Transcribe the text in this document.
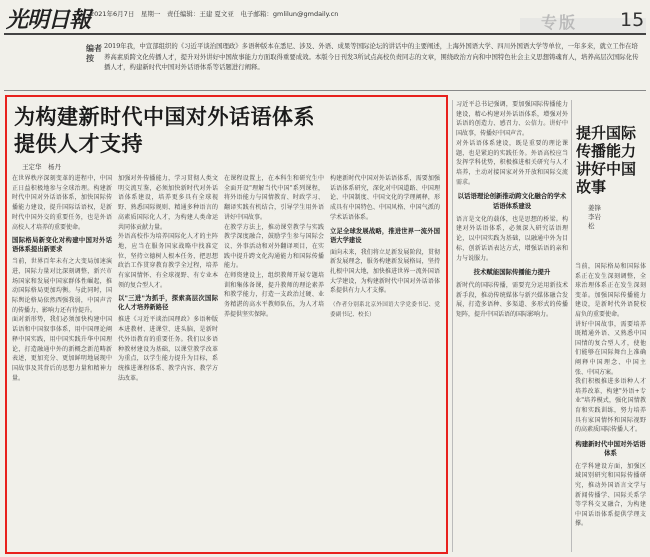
光明日報 2021年6月7日　星期一　责任编辑：王建 夏文亚　电子邮箱：gmlilun@gmdaily.cn	专版 15
编者按
2019年我，中宣部组织的《习近平谈治国理政》多语种版本在悉尼、涉及、外语、成果等国际论坛的讲话中的主要阐述，上海外国语大学、四川外国语大学等单位，一年多来，就立工作在培养高素质跨文化传播人才，提升对外讲好中国故事能力方面取得重要成效。本版今日刊发3所试点高校负责同志的文章，围绕政治方向和中国特色社会主义思想铸魂育人，培养高层次国际化传播人才，构建新时代中国对外话语体系等话题进行阐释。
为构建新时代中国对外话语体系
提供人才支持
王定华　杨丹

在世界秩序深刻变革的进程中，中国正日益积极地参与全球治理。构建新时代中国对外话语体系，加快国际传播能力建设，提升国际话语权，是新时代中国外交的重要任务，也是外语高校人才培养的重要使命。

国际格局新变化对构建中国对外话语体系提出新要求

当前，世界百年未有之大变局加速演进，国际力量对比深刻调整，新兴市场国家和发展中国家群体性崛起，推动国际格局更加均衡。与此同时，国际舆论格局依然西强我弱，中国声音的传播力、影响力还有待提升。

面对新形势，我们必须加快构建中国话语和中国叙事体系，用中国理论阐释中国实践，用中国实践升华中国理论，打造融通中外的新概念新范畴新表述，更加充分、更加鲜明地展现中国故事及其背后的思想力量和精神力量。

加强对外传播能力，学习贯彻人类文明交流互鉴，必须加快新时代对外话语体系建设，培养更多具有全球视野、熟悉国际规则、精通多种语言的高素质国际化人才，为构建人类命运共同体贡献力量。

外语高校作为培养国际化人才的主阵地，应当在服务国家战略中找准定位，坚持立德树人根本任务，把思想政治工作贯穿教育教学全过程，培养有家国情怀、有全球视野、有专业本领的复合型人才。

以"三进"为抓手，探索高层次国际化人才培养新路径

推进《习近平谈治国理政》多语种版本进教材、进课堂、进头脑，是新时代外语教育的重要任务。我们以多语种教材建设为基础，以课堂教学改革为重点，以学生能力提升为目标，系统推进课程体系、教学内容、教学方法改革。

在课程设置上，在本科生和研究生中全面开设"理解当代中国"系列课程，将外语能力与国情教育、时政学习、翻译实践有机结合，引导学生用外语讲好中国故事。

在教学方法上，推动课堂教学与实践教学深度融合，鼓励学生参与国际会议、外事活动和对外翻译项目，在实践中提升跨文化沟通能力和国际传播能力。

在师资建设上，组织教师开展专题培训和集体备课，提升教师的理论素养和教学能力，打造一支政治过硬、业务精湛的高水平教师队伍，为人才培养提供坚实保障。

构建新时代中国对外话语体系，需要加强话语体系研究，深化对中国道路、中国理论、中国制度、中国文化的学理阐释，形成具有中国特色、中国风格、中国气派的学术话语体系。

立足全球发展战略，推进世界一流外国语大学建设

面向未来，我们将立足新发展阶段，贯彻新发展理念，服务构建新发展格局，坚持扎根中国大地，加快推进世界一流外国语大学建设，为构建新时代中国对外话语体系提供有力人才支撑。

（作者分别系北京外国语大学党委书记、党委副书记、校长）

习近平总书记强调，要加强国际传播能力建设，精心构建对外话语体系，增强对外话语的创造力、感召力、公信力。讲好中国故事，传播好中国声音。

对外话语体系建设，既是重要的理论课题，也是紧迫的实践任务。外语高校应当发挥学科优势，积极推进相关研究与人才培养，主动对接国家对外开放和国际交流需求。

以话语理论创新推动跨文化融合的学术话语体系建设

语言是文化的载体，也是思想的桥梁。构建对外话语体系，必须深入研究话语理论，以中国实践为基础，以融通中外为目标，创新话语表达方式，增强话语的亲和力与说服力。

技术赋能国际传播能力提升

新时代的国际传播，需要充分运用新技术新手段，推动传统媒体与新兴媒体融合发展，打造多语种、多渠道、多形式的传播矩阵，提升中国话语的国际影响力。

提升国际传播能力
讲好中国故事
姜锋　李岩松

当前，国际格局和国际体系正在发生深刻调整，全球治理体系正在发生深刻变革。加强国际传播能力建设，是新时代外语院校肩负的重要使命。

讲好中国故事，需要培养既精通外语、又熟悉中国国情的复合型人才，使他们能够在国际舞台上准确阐释中国理念、中国主张、中国方案。

我们积极推进多语种人才培养改革，构建"外语+专业"培养模式，强化国情教育和实践训练，努力培养具有家国情怀和国际视野的高素质国际传播人才。

构建新时代中国对外话语体系

在学科建设方面，加强区域国别研究和国际传播研究，推动外国语言文学与新闻传播学、国际关系学等学科交叉融合，为构建中国话语体系提供学理支撑。
